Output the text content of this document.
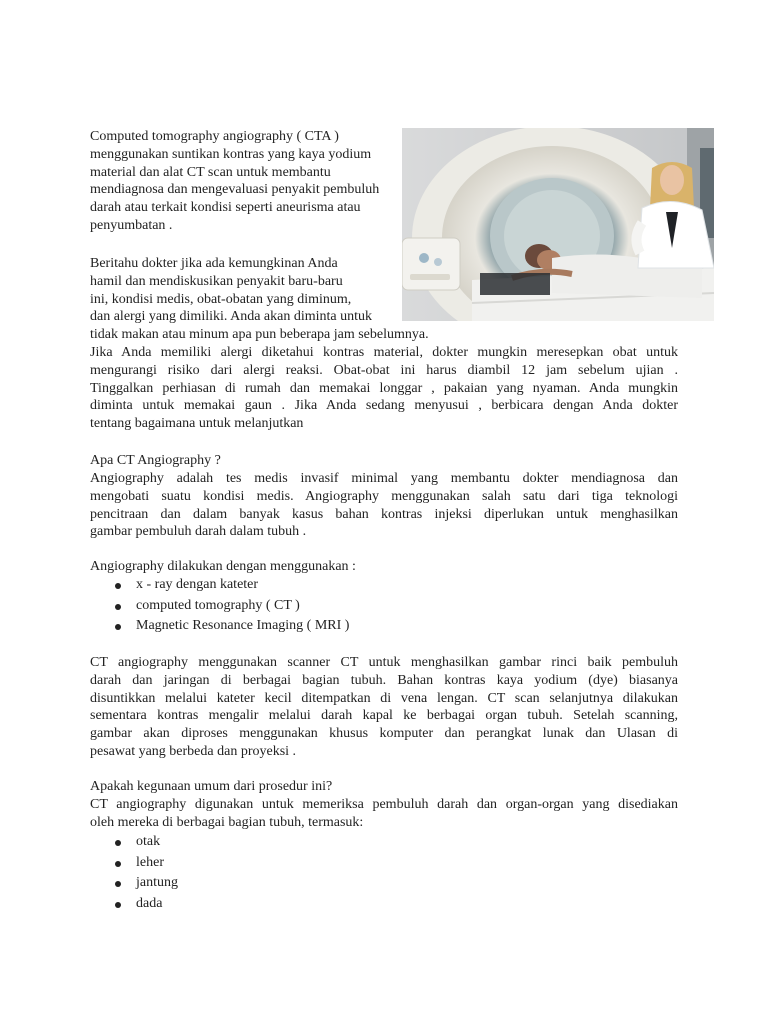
Computed tomography angiography ( CTA )
menggunakan suntikan kontras yang kaya yodium
material dan alat CT scan untuk membantu
mendiagnosa dan mengevaluasi penyakit pembuluh
darah atau terkait kondisi seperti aneurisma atau
penyumbatan .
Beritahu dokter jika ada kemungkinan Anda
hamil dan mendiskusikan penyakit baru-baru
ini, kondisi medis, obat-obatan yang diminum,
dan alergi yang dimiliki. Anda akan diminta untuk
tidak makan atau minum apa pun beberapa jam sebelumnya.
Jika Anda memiliki alergi diketahui kontras material, dokter mungkin meresepkan obat untuk
mengurangi risiko dari alergi reaksi. Obat-obat ini harus diambil 12 jam sebelum ujian .
Tinggalkan perhiasan di rumah dan memakai longgar , pakaian yang nyaman. Anda mungkin
diminta untuk memakai gaun . Jika Anda sedang menyusui , berbicara dengan Anda dokter
tentang bagaimana untuk melanjutkan
Apa CT Angiography ?
Angiography adalah tes medis invasif minimal yang membantu dokter mendiagnosa dan
mengobati suatu kondisi medis. Angiography menggunakan salah satu dari tiga teknologi
pencitraan dan dalam banyak kasus bahan kontras injeksi diperlukan untuk menghasilkan
gambar pembuluh darah dalam tubuh .
Angiography dilakukan dengan menggunakan :
x - ray dengan kateter
computed tomography ( CT )
Magnetic Resonance Imaging ( MRI )
CT angiography menggunakan scanner CT untuk menghasilkan gambar rinci baik pembuluh
darah dan jaringan di berbagai bagian tubuh. Bahan kontras kaya yodium (dye) biasanya
disuntikkan melalui kateter kecil ditempatkan di vena lengan. CT scan selanjutnya dilakukan
sementara kontras mengalir melalui darah kapal ke berbagai organ tubuh. Setelah scanning,
gambar akan diproses menggunakan khusus komputer dan perangkat lunak dan Ulasan di
pesawat yang berbeda dan proyeksi .
Apakah kegunaan umum dari prosedur ini?
CT angiography digunakan untuk memeriksa pembuluh darah dan organ-organ yang disediakan
oleh mereka di berbagai bagian tubuh, termasuk:
otak
leher
jantung
dada
